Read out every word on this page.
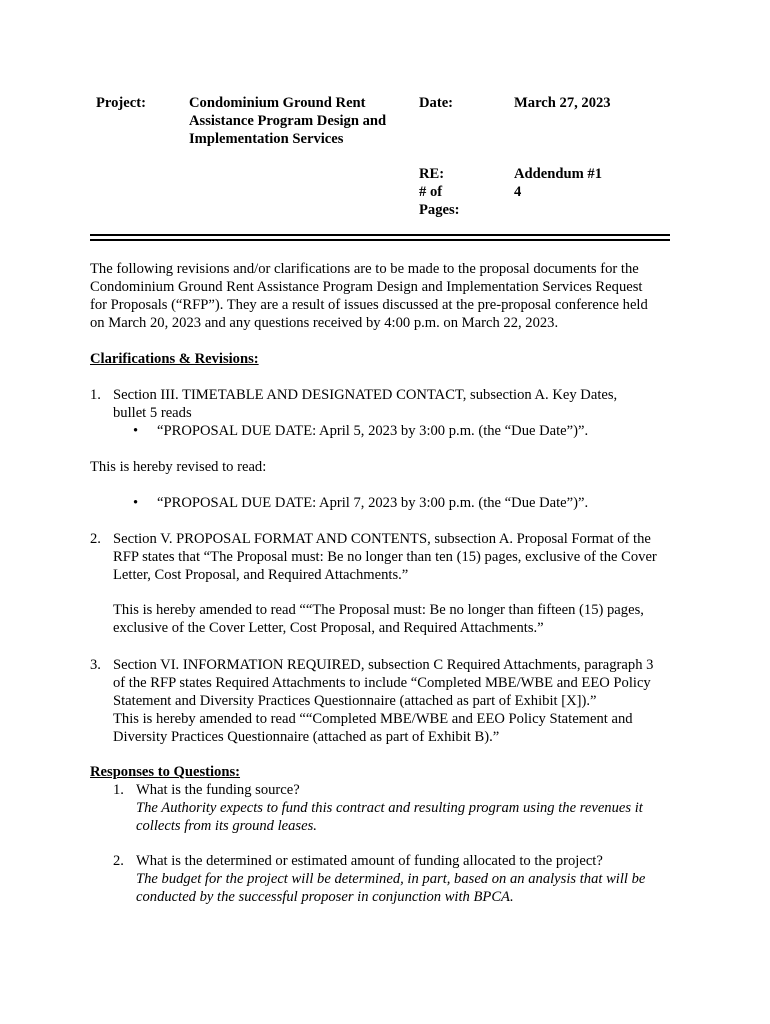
Project:	Condominium Ground Rent
Assistance Program Design and
Implementation Services
Date:	March 27, 2023
RE:
# of
Pages:
Addendum #1
4
The following revisions and/or clarifications are to be made to the proposal documents for the
Condominium Ground Rent Assistance Program Design and Implementation Services Request
for Proposals (“RFP”). They are a result of issues discussed at the pre-proposal conference held
on March 20, 2023 and any questions received by 4:00 p.m. on March 22, 2023.
Clarifications & Revisions:
1. Section III. TIMETABLE AND DESIGNATED CONTACT, subsection A. Key Dates,
bullet 5 reads
• “PROPOSAL DUE DATE: April 5, 2023 by 3:00 p.m. (the “Due Date”)”.
This is hereby revised to read:
• “PROPOSAL DUE DATE: April 7, 2023 by 3:00 p.m. (the “Due Date”)”.
2. Section V. PROPOSAL FORMAT AND CONTENTS, subsection A. Proposal Format of the
RFP states that “The Proposal must: Be no longer than ten (15) pages, exclusive of the Cover
Letter, Cost Proposal, and Required Attachments.”
This is hereby amended to read ““The Proposal must: Be no longer than fifteen (15) pages,
exclusive of the Cover Letter, Cost Proposal, and Required Attachments.”
3. Section VI. INFORMATION REQUIRED, subsection C Required Attachments, paragraph 3
of the RFP states Required Attachments to include “Completed MBE/WBE and EEO Policy
Statement and Diversity Practices Questionnaire (attached as part of Exhibit [X]).”
This is hereby amended to read ““Completed MBE/WBE and EEO Policy Statement and
Diversity Practices Questionnaire (attached as part of Exhibit B).”
Responses to Questions:
1. What is the funding source?
The Authority expects to fund this contract and resulting program using the revenues it
collects from its ground leases.
2. What is the determined or estimated amount of funding allocated to the project?
The budget for the project will be determined, in part, based on an analysis that will be
conducted by the successful proposer in conjunction with BPCA.
